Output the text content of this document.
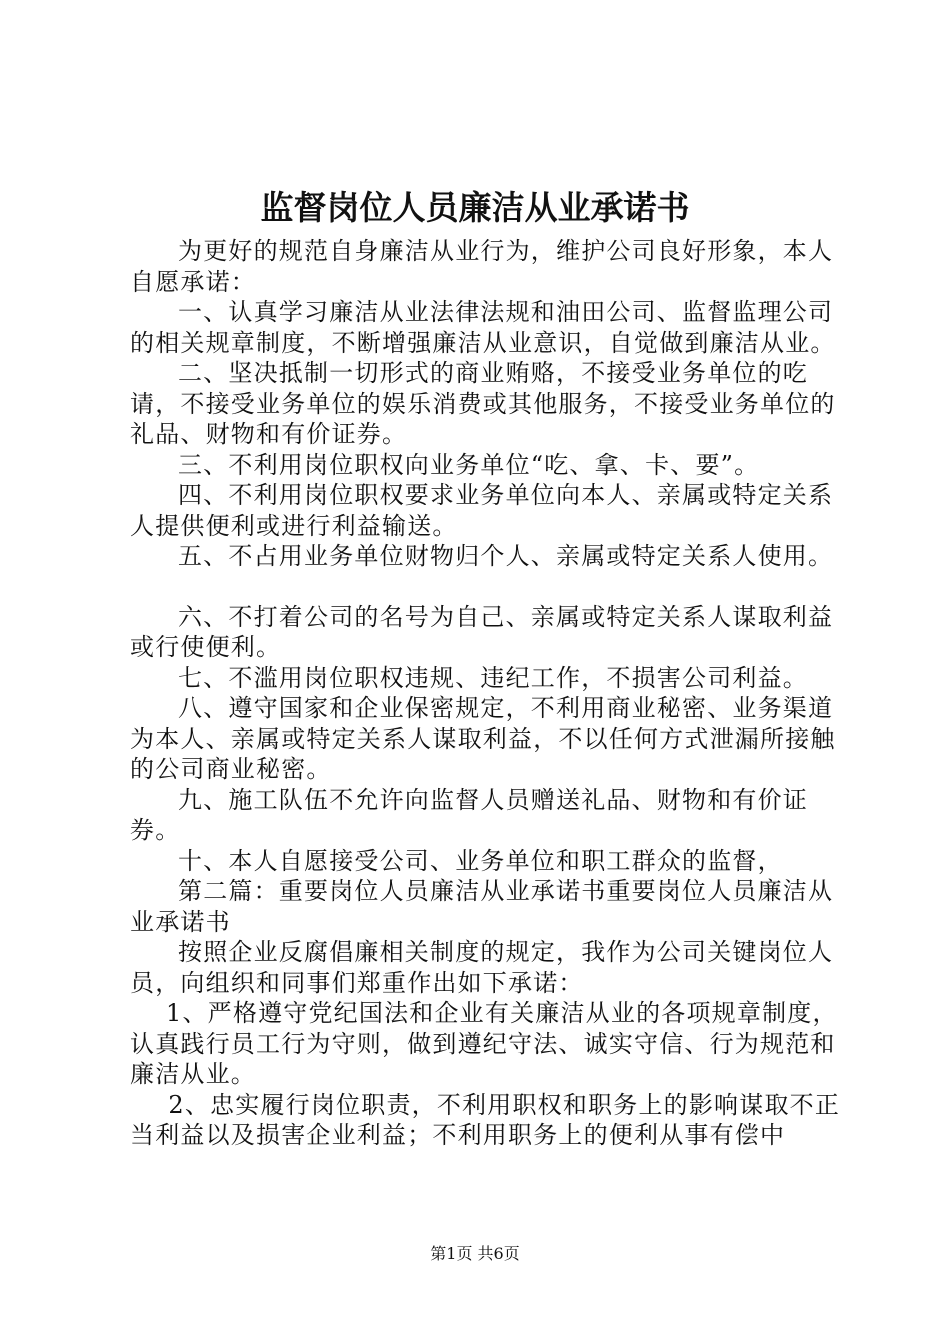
监督岗位人员廉洁从业承诺书

为更好的规范自身廉洁从业行为，维护公司良好形象，本人自愿承诺：

一、认真学习廉洁从业法律法规和油田公司、监督监理公司的相关规章制度，不断增强廉洁从业意识，自觉做到廉洁从业。

二、坚决抵制一切形式的商业贿赂，不接受业务单位的吃请，不接受业务单位的娱乐消费或其他服务，不接受业务单位的礼品、财物和有价证券。

三、不利用岗位职权向业务单位“吃、拿、卡、要”。

四、不利用岗位职权要求业务单位向本人、亲属或特定关系人提供便利或进行利益输送。

五、不占用业务单位财物归个人、亲属或特定关系人使用。

六、不打着公司的名号为自己、亲属或特定关系人谋取利益或行使便利。

七、不滥用岗位职权违规、违纪工作，不损害公司利益。

八、遵守国家和企业保密规定，不利用商业秘密、业务渠道为本人、亲属或特定关系人谋取利益，不以任何方式泄漏所接触的公司商业秘密。

九、施工队伍不允许向监督人员赠送礼品、财物和有价证券。

十、本人自愿接受公司、业务单位和职工群众的监督，

第二篇：重要岗位人员廉洁从业承诺书重要岗位人员廉洁从业承诺书

按照企业反腐倡廉相关制度的规定，我作为公司关键岗位人员，向组织和同事们郑重作出如下承诺：

1、严格遵守党纪国法和企业有关廉洁从业的各项规章制度，认真践行员工行为守则，做到遵纪守法、诚实守信、行为规范和廉洁从业。

2、忠实履行岗位职责，不利用职权和职务上的影响谋取不正当利益以及损害企业利益；不利用职务上的便利从事有偿中

第1页 共6页
